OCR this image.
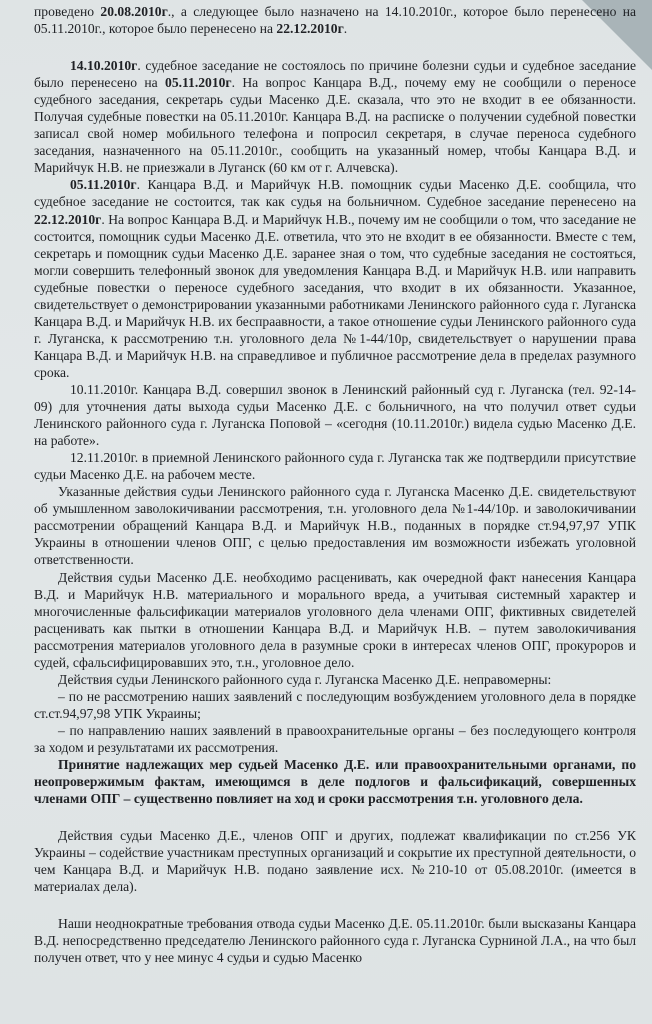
проведено 20.08.2010г., а следующее было назначено на 14.10.2010г., которое было перенесено на 05.11.2010г., которое было перенесено на 22.12.2010г.

14.10.2010г. судебное заседание не состоялось по причине болезни судьи и судебное заседание было перенесено на 05.11.2010г. На вопрос Канцара В.Д., почему ему не сообщили о переносе судебного заседания, секретарь судьи Масенко Д.Е. сказала, что это не входит в ее обязанности. Получая судебные повестки на 05.11.2010г. Канцара В.Д. на расписке о получении судебной повестки записал свой номер мобильного телефона и попросил секретаря, в случае переноса судебного заседания, назначенного на 05.11.2010г., сообщить на указанный номер, чтобы Канцара В.Д. и Марийчук Н.В. не приезжали в Луганск (60 км от г. Алчевска).

05.11.2010г. Канцара В.Д. и Марийчук Н.В. помощник судьи Масенко Д.Е. сообщила, что судебное заседание не состоится, так как судья на больничном. Судебное заседание перенесено на 22.12.2010г. На вопрос Канцара В.Д. и Марийчук Н.В., почему им не сообщили о том, что заседание не состоится, помощник судьи Масенко Д.Е. ответила, что это не входит в ее обязанности. Вместе с тем, секретарь и помощник судьи Масенко Д.Е. заранее зная о том, что судебные заседания не состояться, могли совершить телефонный звонок для уведомления Канцара В.Д. и Марийчук Н.В. или направить судебные повестки о переносе судебного заседания, что входит в их обязанности. Указанное, свидетельствует о демонстрировании указанными работниками Ленинского районного суда г. Луганска Канцара В.Д. и Марийчук Н.В. их беспраавности, а такое отношение судьи Ленинского районного суда г. Луганска, к рассмотрению т.н. уголовного дела №1-44/10р, свидетельствует о нарушении права Канцара В.Д. и Марийчук Н.В. на справедливое и публичное рассмотрение дела в пределах разумного срока.

10.11.2010г. Канцара В.Д. совершил звонок в Ленинский районный суд г. Луганска (тел. 92-14-09) для уточнения даты выхода судьи Масенко Д.Е. с больничного, на что получил ответ судьи Ленинского районного суда г. Луганска Поповой – «сегодня (10.11.2010г.) видела судью Масенко Д.Е. на работе».

12.11.2010г. в приемной Ленинского районного суда г. Луганска так же подтвердили присутствие судьи Масенко Д.Е. на рабочем месте.

Указанные действия судьи Ленинского районного суда г. Луганска Масенко Д.Е. свидетельствуют об умышленном заволокичивании рассмотрения, т.н. уголовного дела №1-44/10р. и заволокичивании рассмотрении обращений Канцара В.Д. и Марийчук Н.В., поданных в порядке ст.94,97,97 УПК Украины в отношении членов ОПГ, с целью предоставления им возможности избежать уголовной ответственности.

Действия судьи Масенко Д.Е. необходимо расценивать, как очередной факт нанесения Канцара В.Д. и Марийчук Н.В. материального и морального вреда, а учитывая системный характер и многочисленные фальсификации материалов уголовного дела членами ОПГ, фиктивных свидетелей расценивать как пытки в отношении Канцара В.Д. и Марийчук Н.В. – путем заволокичивания рассмотрения материалов уголовного дела в разумные сроки в интересах членов ОПГ, прокуроров и судей, сфальсифицировавших это, т.н., уголовное дело.

Действия судьи Ленинского районного суда г. Луганска Масенко Д.Е. неправомерны:

– по не рассмотрению наших заявлений с последующим возбуждением уголовного дела в порядке ст.ст.94,97,98 УПК Украины;

– по направлению наших заявлений в правоохранительные органы – без последующего контроля за ходом и результатами их рассмотрения.

Принятие надлежащих мер судьей Масенко Д.Е. или правоохранительными органами, по неопровержимым фактам, имеющимся в деле подлогов и фальсификаций, совершенных членами ОПГ – существенно повлияет на ход и сроки рассмотрения т.н. уголовного дела.

Действия судьи Масенко Д.Е., членов ОПГ и других, подлежат квалификации по ст.256 УК Украины – содействие участникам преступных организаций и сокрытие их преступной деятельности, о чем Канцара В.Д. и Марийчук Н.В. подано заявление исх. №210-10 от 05.08.2010г. (имеется в материалах дела).

Наши неоднократные требования отвода судьи Масенко Д.Е. 05.11.2010г. были высказаны Канцара В.Д. непосредственно председателю Ленинского районного суда г. Луганска Сурниной Л.А., на что был получен ответ, что у нее минус 4 судьи и судью Масенко
